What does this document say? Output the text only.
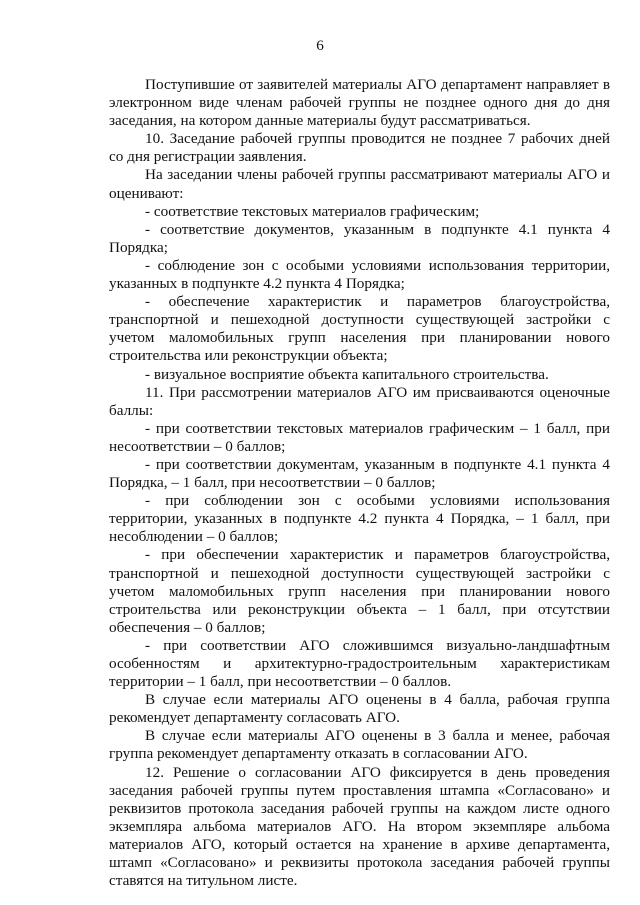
6

Поступившие от заявителей материалы АГО департамент направляет в электронном виде членам рабочей группы не позднее одного дня до дня заседания, на котором данные материалы будут рассматриваться.

10. Заседание рабочей группы проводится не позднее 7 рабочих дней со дня регистрации заявления.

На заседании члены рабочей группы рассматривают материалы АГО и оценивают:

- соответствие текстовых материалов графическим;

- соответствие документов, указанным в подпункте 4.1 пункта 4 Порядка;

- соблюдение зон с особыми условиями использования территории, указанных в подпункте 4.2 пункта 4 Порядка;

- обеспечение характеристик и параметров благоустройства, транспортной и пешеходной доступности существующей застройки с учетом маломобильных групп населения при планировании нового строительства или реконструкции объекта;

- визуальное восприятие объекта капитального строительства.

11. При рассмотрении материалов АГО им присваиваются оценочные баллы:

- при соответствии текстовых материалов графическим – 1 балл, при несоответствии – 0 баллов;

- при соответствии документам, указанным в подпункте 4.1 пункта 4 Порядка, – 1 балл, при несоответствии – 0 баллов;

- при соблюдении зон с особыми условиями использования территории, указанных в подпункте 4.2 пункта 4 Порядка, – 1 балл, при несоблюдении – 0 баллов;

- при обеспечении характеристик и параметров благоустройства, транспортной и пешеходной доступности существующей застройки с учетом маломобильных групп населения при планировании нового строительства или реконструкции объекта – 1 балл, при отсутствии обеспечения – 0 баллов;

- при соответствии АГО сложившимся визуально-ландшафтным особенностям и архитектурно-градостроительным характеристикам территории – 1 балл, при несоответствии – 0 баллов.

В случае если материалы АГО оценены в 4 балла, рабочая группа рекомендует департаменту согласовать АГО.

В случае если материалы АГО оценены в 3 балла и менее, рабочая группа рекомендует департаменту отказать в согласовании АГО.

12. Решение о согласовании АГО фиксируется в день проведения заседания рабочей группы путем проставления штампа «Согласовано» и реквизитов протокола заседания рабочей группы на каждом листе одного экземпляра альбома материалов АГО. На втором экземпляре альбома материалов АГО, который остается на хранение в архиве департамента, штамп «Согласовано» и реквизиты протокола заседания рабочей группы ставятся на титульном листе.
